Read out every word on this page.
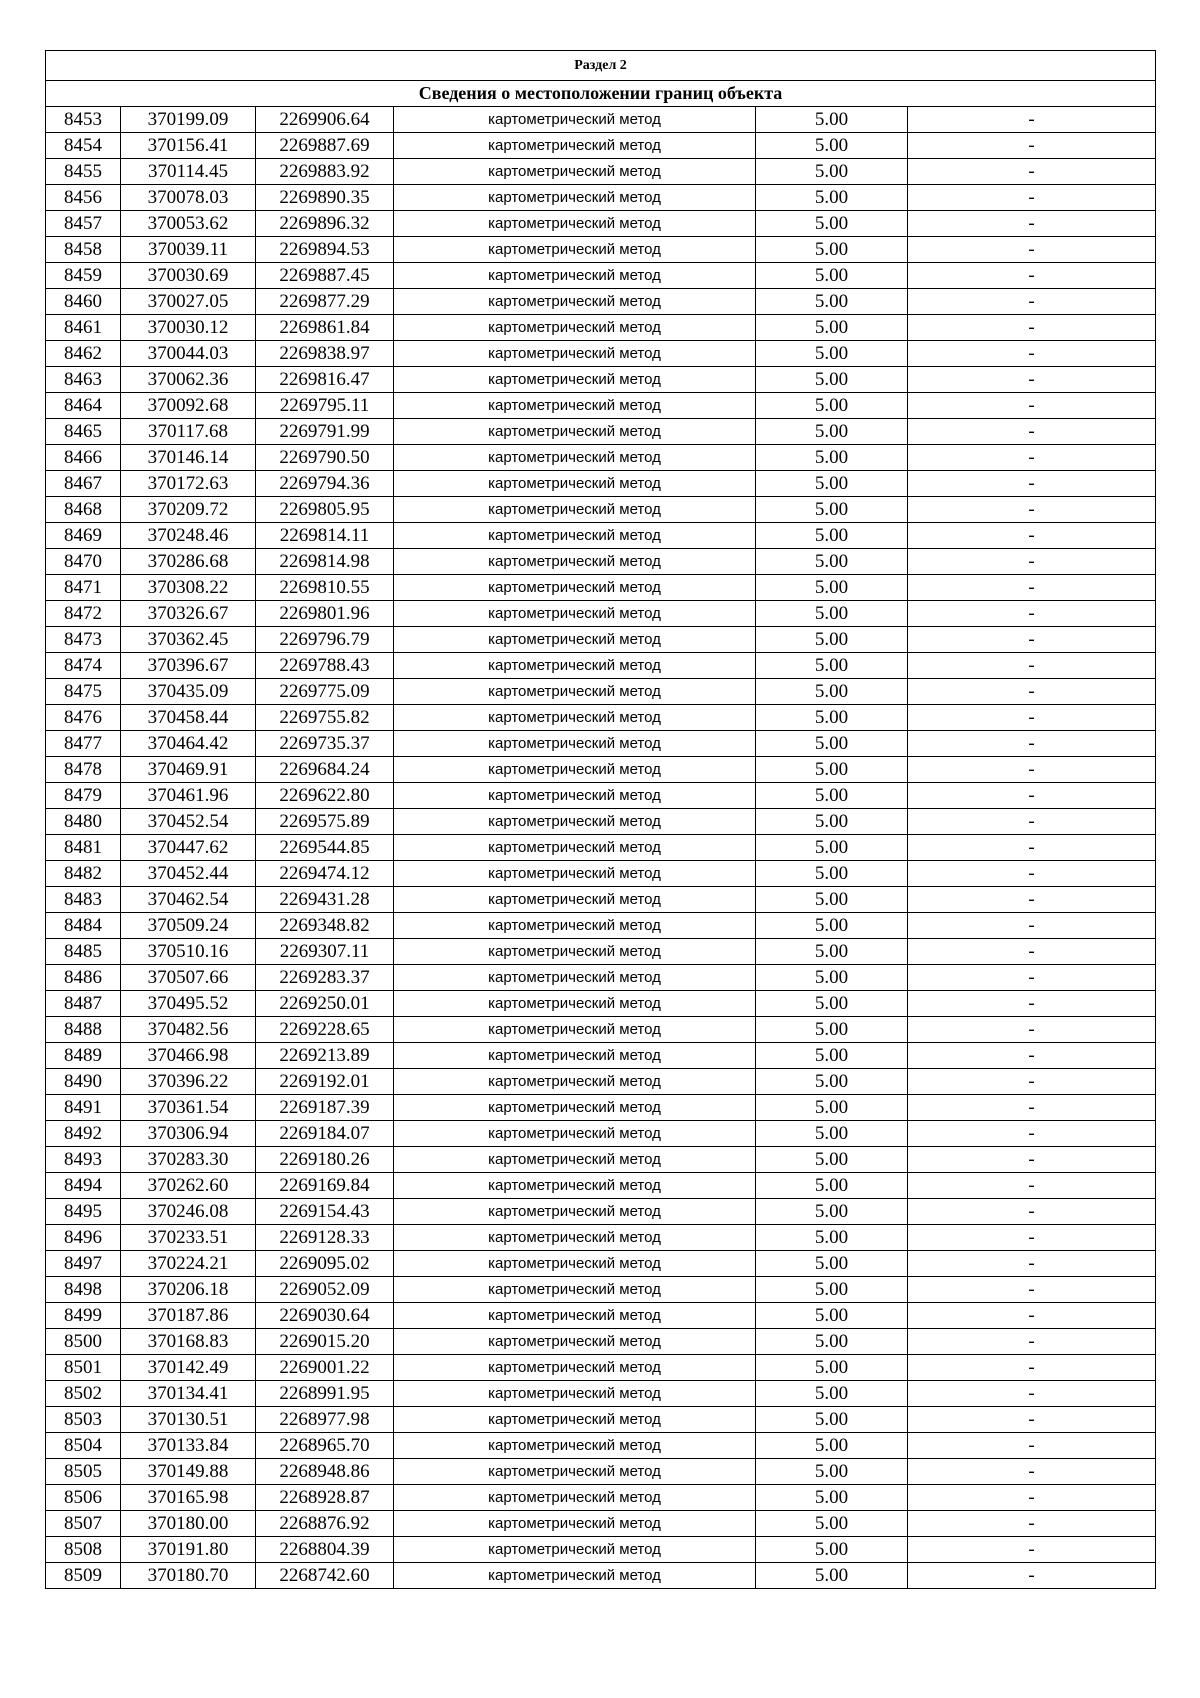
Раздел 2					
Сведения о местоположении границ объекта					
8453	370199.09	2269906.64	картометрический метод	5.00	-
8454	370156.41	2269887.69	картометрический метод	5.00	-
8455	370114.45	2269883.92	картометрический метод	5.00	-
8456	370078.03	2269890.35	картометрический метод	5.00	-
8457	370053.62	2269896.32	картометрический метод	5.00	-
8458	370039.11	2269894.53	картометрический метод	5.00	-
8459	370030.69	2269887.45	картометрический метод	5.00	-
8460	370027.05	2269877.29	картометрический метод	5.00	-
8461	370030.12	2269861.84	картометрический метод	5.00	-
8462	370044.03	2269838.97	картометрический метод	5.00	-
8463	370062.36	2269816.47	картометрический метод	5.00	-
8464	370092.68	2269795.11	картометрический метод	5.00	-
8465	370117.68	2269791.99	картометрический метод	5.00	-
8466	370146.14	2269790.50	картометрический метод	5.00	-
8467	370172.63	2269794.36	картометрический метод	5.00	-
8468	370209.72	2269805.95	картометрический метод	5.00	-
8469	370248.46	2269814.11	картометрический метод	5.00	-
8470	370286.68	2269814.98	картометрический метод	5.00	-
8471	370308.22	2269810.55	картометрический метод	5.00	-
8472	370326.67	2269801.96	картометрический метод	5.00	-
8473	370362.45	2269796.79	картометрический метод	5.00	-
8474	370396.67	2269788.43	картометрический метод	5.00	-
8475	370435.09	2269775.09	картометрический метод	5.00	-
8476	370458.44	2269755.82	картометрический метод	5.00	-
8477	370464.42	2269735.37	картометрический метод	5.00	-
8478	370469.91	2269684.24	картометрический метод	5.00	-
8479	370461.96	2269622.80	картометрический метод	5.00	-
8480	370452.54	2269575.89	картометрический метод	5.00	-
8481	370447.62	2269544.85	картометрический метод	5.00	-
8482	370452.44	2269474.12	картометрический метод	5.00	-
8483	370462.54	2269431.28	картометрический метод	5.00	-
8484	370509.24	2269348.82	картометрический метод	5.00	-
8485	370510.16	2269307.11	картометрический метод	5.00	-
8486	370507.66	2269283.37	картометрический метод	5.00	-
8487	370495.52	2269250.01	картометрический метод	5.00	-
8488	370482.56	2269228.65	картометрический метод	5.00	-
8489	370466.98	2269213.89	картометрический метод	5.00	-
8490	370396.22	2269192.01	картометрический метод	5.00	-
8491	370361.54	2269187.39	картометрический метод	5.00	-
8492	370306.94	2269184.07	картометрический метод	5.00	-
8493	370283.30	2269180.26	картометрический метод	5.00	-
8494	370262.60	2269169.84	картометрический метод	5.00	-
8495	370246.08	2269154.43	картометрический метод	5.00	-
8496	370233.51	2269128.33	картометрический метод	5.00	-
8497	370224.21	2269095.02	картометрический метод	5.00	-
8498	370206.18	2269052.09	картометрический метод	5.00	-
8499	370187.86	2269030.64	картометрический метод	5.00	-
8500	370168.83	2269015.20	картометрический метод	5.00	-
8501	370142.49	2269001.22	картометрический метод	5.00	-
8502	370134.41	2268991.95	картометрический метод	5.00	-
8503	370130.51	2268977.98	картометрический метод	5.00	-
8504	370133.84	2268965.70	картометрический метод	5.00	-
8505	370149.88	2268948.86	картометрический метод	5.00	-
8506	370165.98	2268928.87	картометрический метод	5.00	-
8507	370180.00	2268876.92	картометрический метод	5.00	-
8508	370191.80	2268804.39	картометрический метод	5.00	-
8509	370180.70	2268742.60	картометрический метод	5.00	-
